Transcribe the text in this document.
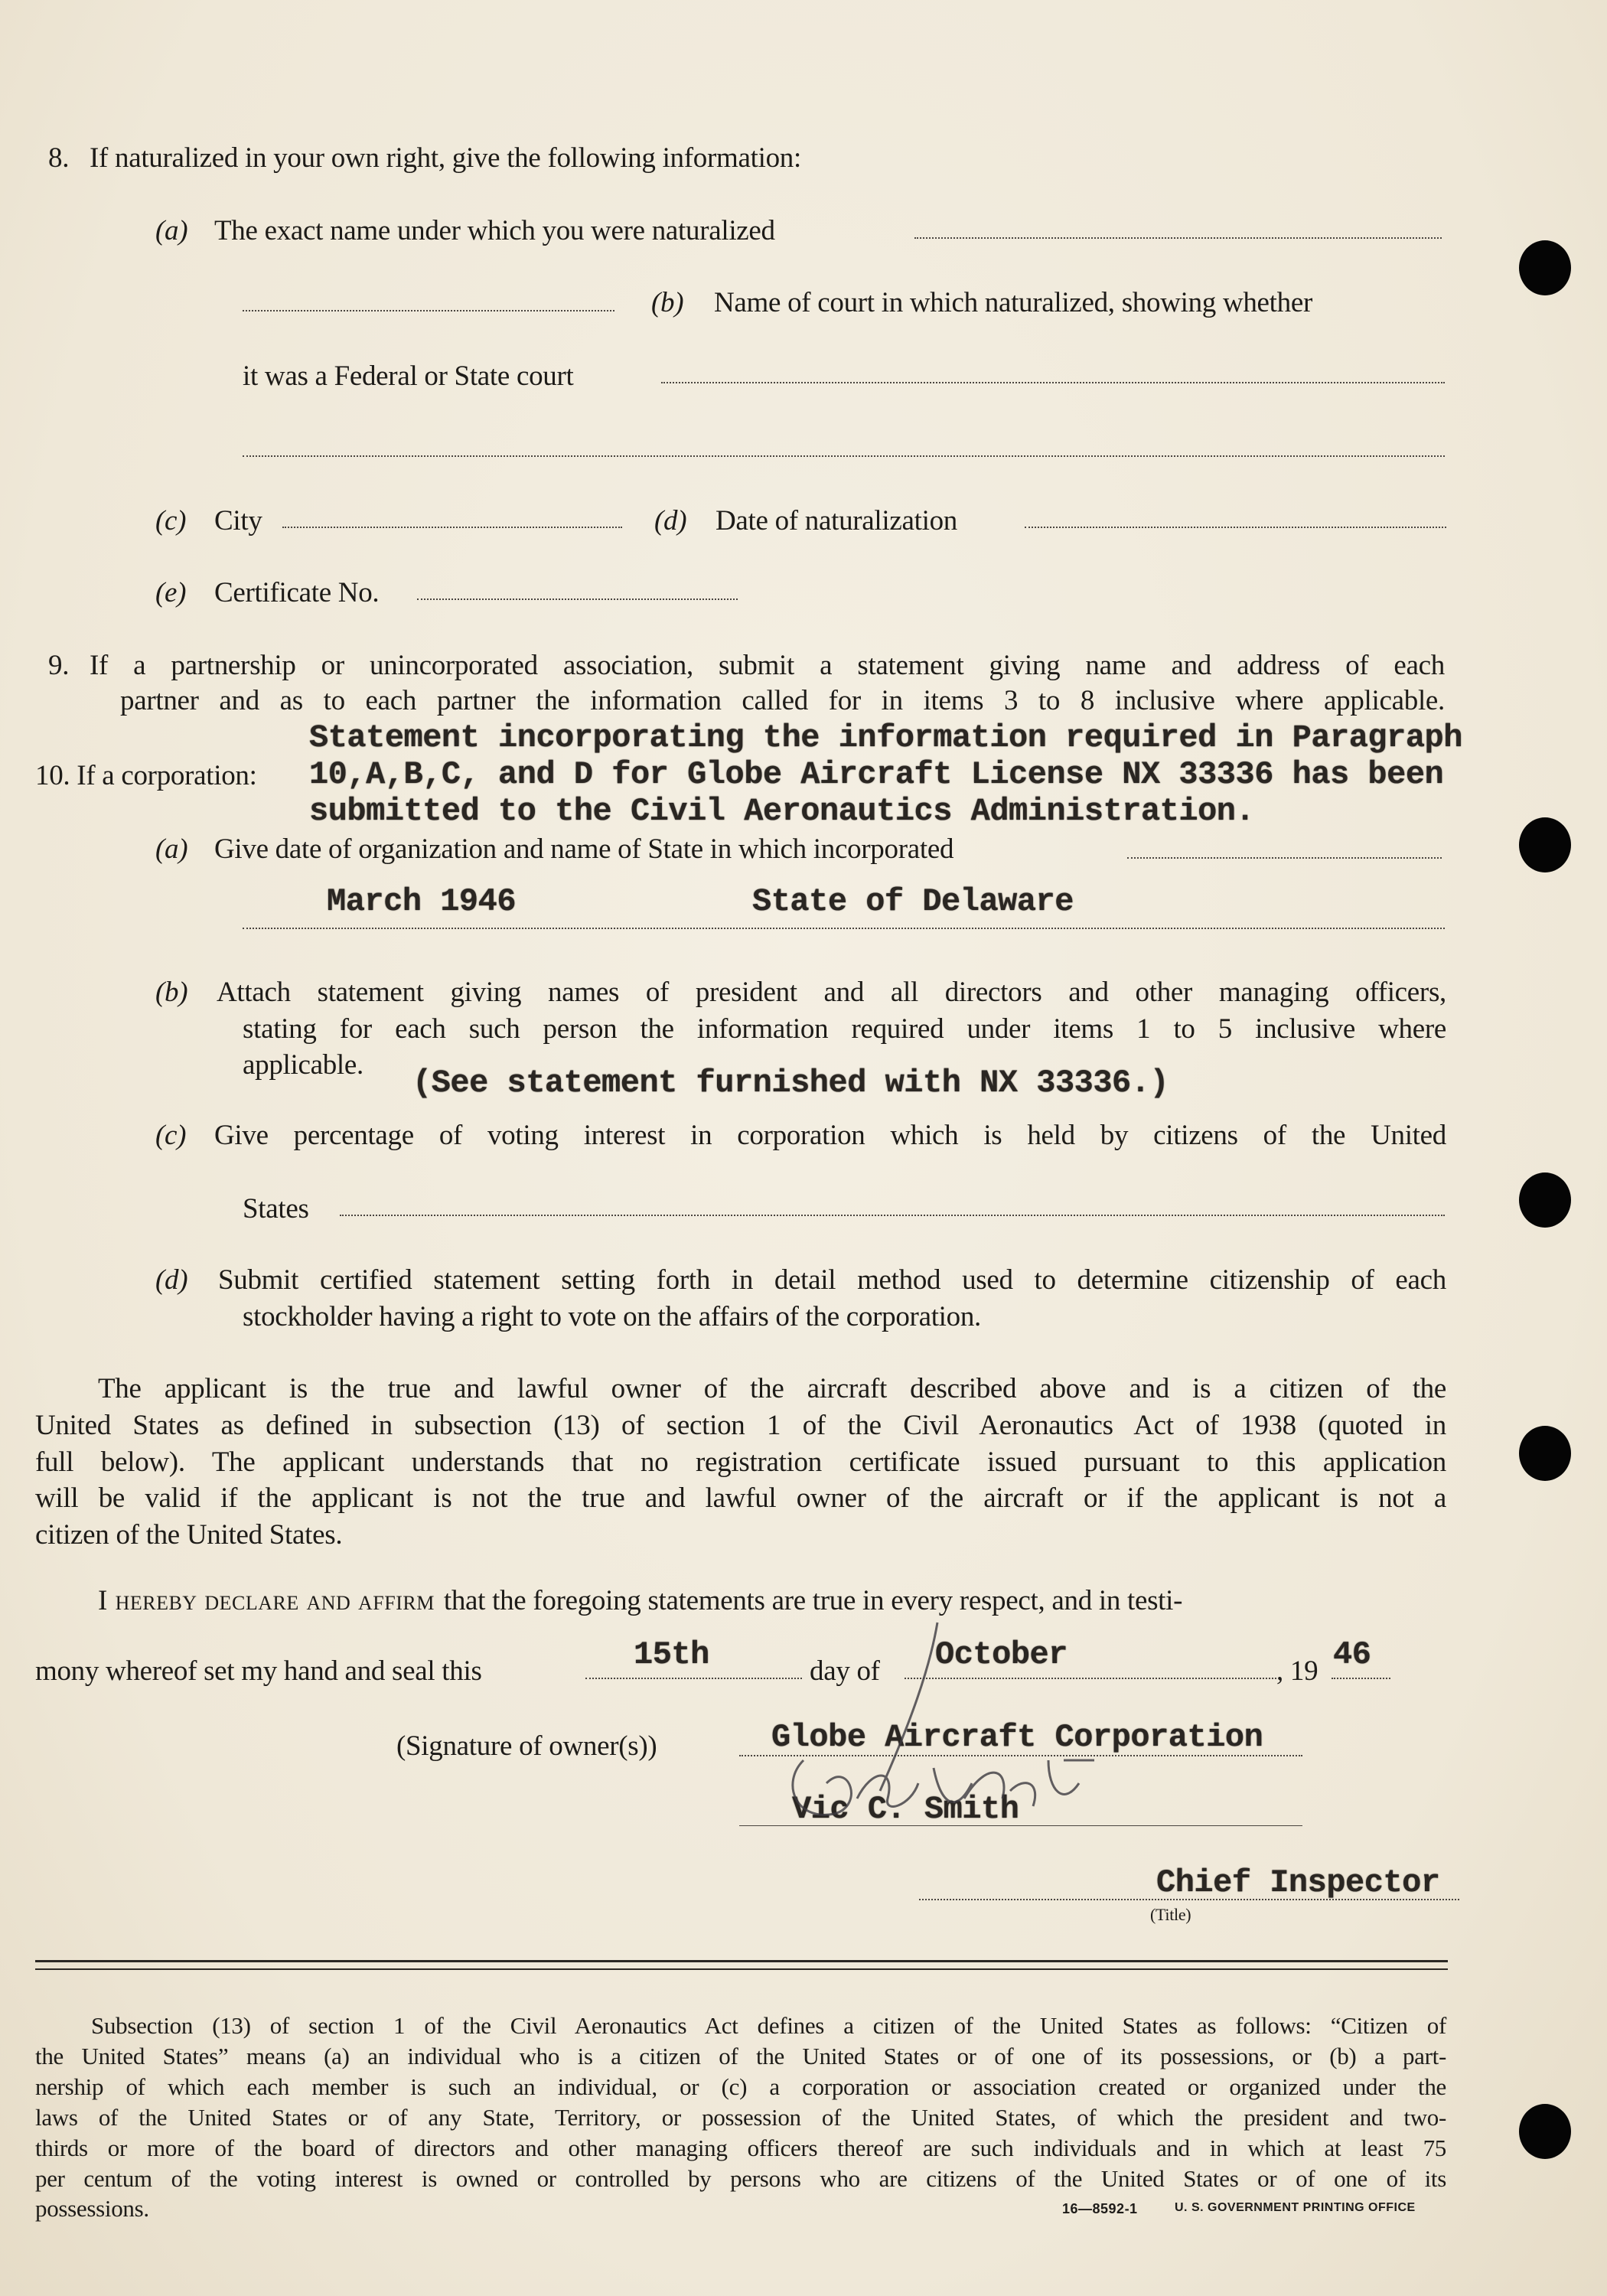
8. If naturalized in your own right, give the following information:
(a) The exact name under which you were naturalized
(b) Name of court in which naturalized, showing whether
it was a Federal or State court
(c) City	(d) Date of naturalization
(e) Certificate No.
9. If a partnership or unincorporated association, submit a statement giving name and address of each
partner and as to each partner the information called for in items 3 to 8 inclusive where applicable.
10. If a corporation:
Statement incorporating the information required in Paragraph
10,A,B,C, and D for Globe Aircraft License NX 33336 has been
submitted to the Civil Aeronautics Administration.
(a) Give date of organization and name of State in which incorporated
March 1946	State of Delaware
(b) Attach statement giving names of president and all directors and other managing officers,
stating for each such person the information required under items 1 to 5 inclusive where
applicable. (See statement furnished with NX 33336.)
(c) Give percentage of voting interest in corporation which is held by citizens of the United
States
(d) Submit certified statement setting forth in detail method used to determine citizenship of each
stockholder having a right to vote on the affairs of the corporation.
The applicant is the true and lawful owner of the aircraft described above and is a citizen of the
United States as defined in subsection (13) of section 1 of the Civil Aeronautics Act of 1938 (quoted in
full below). The applicant understands that no registration certificate issued pursuant to this application
will be valid if the applicant is not the true and lawful owner of the aircraft or if the applicant is not a
citizen of the United States.
I hereby declare and affirm that the foregoing statements are true in every respect, and in testi-
mony whereof set my hand and seal this	15th	day of October	, 19 46
(Signature of owner(s))	Globe Aircraft Corporation
Vic C. Smith
Chief Inspector
(Title)
Subsection (13) of section 1 of the Civil Aeronautics Act defines a citizen of the United States as follows: “Citizen of
the United States” means (a) an individual who is a citizen of the United States or of one of its possessions, or (b) a part-
nership of which each member is such an individual, or (c) a corporation or association created or organized under the
laws of the United States or of any State, Territory, or possession of the United States, of which the president and two-
thirds or more of the board of directors and other managing officers thereof are such individuals and in which at least 75
per centum of the voting interest is owned or controlled by persons who are citizens of the United States or of one of its
possessions.	16—8592-1	U. S. GOVERNMENT PRINTING OFFICE
